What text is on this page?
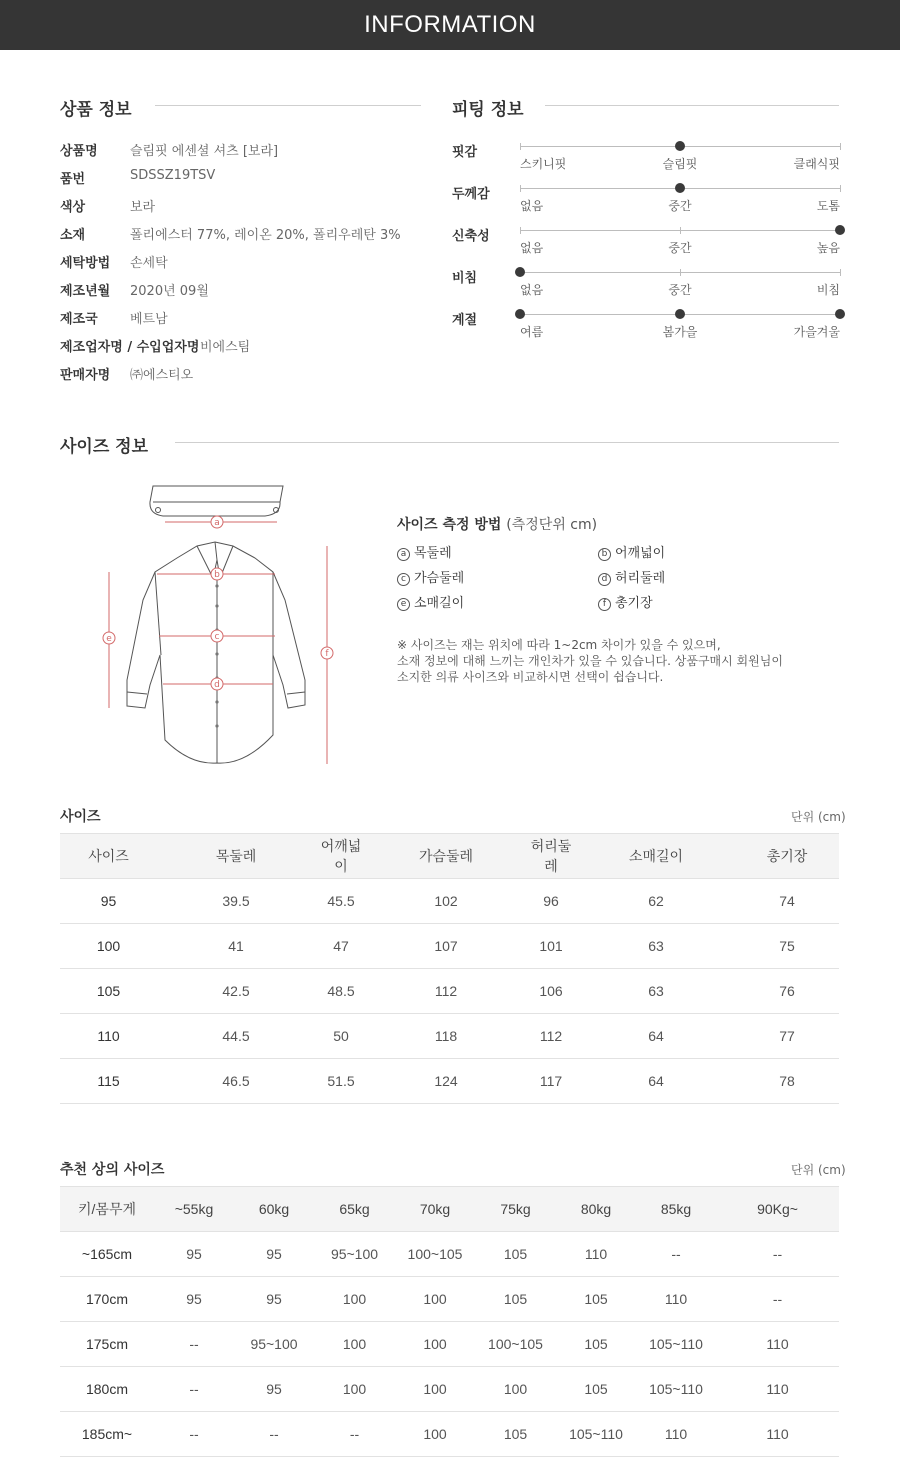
INFORMATION
상품 정보
상품명 슬림핏 에센셜 셔츠 [보라]
품번	SDSSZ19TSV
색상	보라
소재	폴리에스터 77%, 레이온 20%, 폴리우레탄 3%
세탁방법 손세탁
제조년월 2020년 09월
제조국 베트남
제조업자명 / 수입업자명 비에스팀
판매자명 ㈜에스티오
피팅 정보
핏감
스키니핏	슬림핏	클래식핏
두께감
없음	중간	도톰
신축성
없음	중간	높음
비침
없음	중간	비침
계절
여름	봄가을	가을겨울
사이즈 정보
a
b
c
d
e
f
사이즈 측정 방법 (측정단위 cm)
a 목둘레	b 어깨넓이
c 가슴둘레	d 허리둘레
e 소매길이	f 총기장
※ 사이즈는 재는 위치에 따라 1~2cm 차이가 있을 수 있으며,
소재 정보에 대해 느끼는 개인차가 있을 수 있습니다. 상품구매시 회원님이
소지한 의류 사이즈와 비교하시면 선택이 쉽습니다.
사이즈	단위 (cm)
사이즈	목둘레	어깨넓이	가슴둘레	허리둘레	소매길이	총기장
95	39.5	45.5	102	96	62	74
100	41	47	107	101	63	75
105	42.5	48.5	112	106	63	76
110	44.5	50	118	112	64	77
115	46.5	51.5	124	117	64	78
추천 상의 사이즈	단위 (cm)
키/몸무게	~55kg	60kg	65kg	70kg	75kg	80kg	85kg	90Kg~
~165cm	95	95	95~100	100~105	105	110	--	--
170cm	95	95	100	100	105	105	110	--
175cm	--	95~100	100	100	100~105	105	105~110	110
180cm	--	95	100	100	100	105	105~110	110
185cm~	--	--	--	100	105	105~110	110	110
